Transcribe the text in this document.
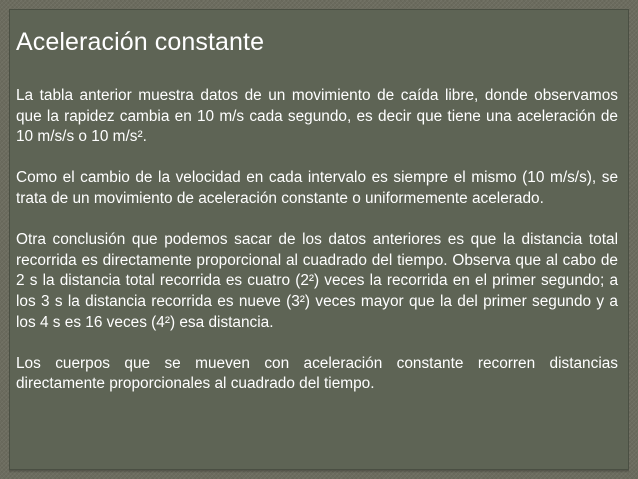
Aceleración constante

La tabla anterior muestra datos de un movimiento de caída libre, donde observamos que la rapidez cambia en 10 m/s cada segundo, es decir que tiene una aceleración de 10 m/s/s o 10 m/s².

Como el cambio de la velocidad en cada intervalo es siempre el mismo (10 m/s/s), se trata de un movimiento de aceleración constante o uniformemente acelerado.

Otra conclusión que podemos sacar de los datos anteriores es que la distancia total recorrida es directamente proporcional al cuadrado del tiempo. Observa que al cabo de 2 s la distancia total recorrida es cuatro (2²) veces la recorrida en el primer segundo; a los 3 s la distancia recorrida es nueve (3²) veces mayor que la del primer segundo y a los 4 s es 16 veces (4²) esa distancia.

Los cuerpos que se mueven con aceleración constante recorren distancias directamente proporcionales al cuadrado del tiempo.
